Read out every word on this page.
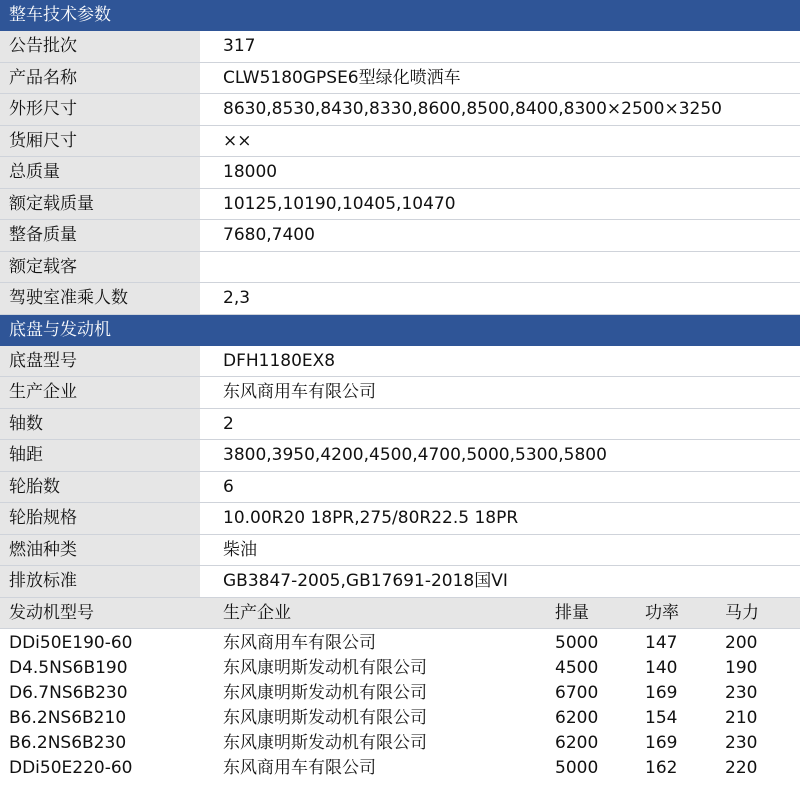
整车技术参数
公告批次	317
产品名称	CLW5180GPSE6型绿化喷洒车
外形尺寸	8630,8530,8430,8330,8600,8500,8400,8300×2500×3250
货厢尺寸	××
总质量	18000
额定载质量	10125,10190,10405,10470
整备质量	7680,7400
额定载客
驾驶室准乘人数	2,3
底盘与发动机
底盘型号	DFH1180EX8
生产企业	东风商用车有限公司
轴数	2
轴距	3800,3950,4200,4500,4700,5000,5300,5800
轮胎数	6
轮胎规格	10.00R20 18PR,275/80R22.5 18PR
燃油种类	柴油
排放标准	GB3847-2005,GB17691-2018国VI
发动机型号	生产企业	排量	功率	马力
DDi50E190-60	东风商用车有限公司	5000	147	200
D4.5NS6B190	东风康明斯发动机有限公司	4500	140	190
D6.7NS6B230	东风康明斯发动机有限公司	6700	169	230
B6.2NS6B210	东风康明斯发动机有限公司	6200	154	210
B6.2NS6B230	东风康明斯发动机有限公司	6200	169	230
DDi50E220-60	东风商用车有限公司	5000	162	220
